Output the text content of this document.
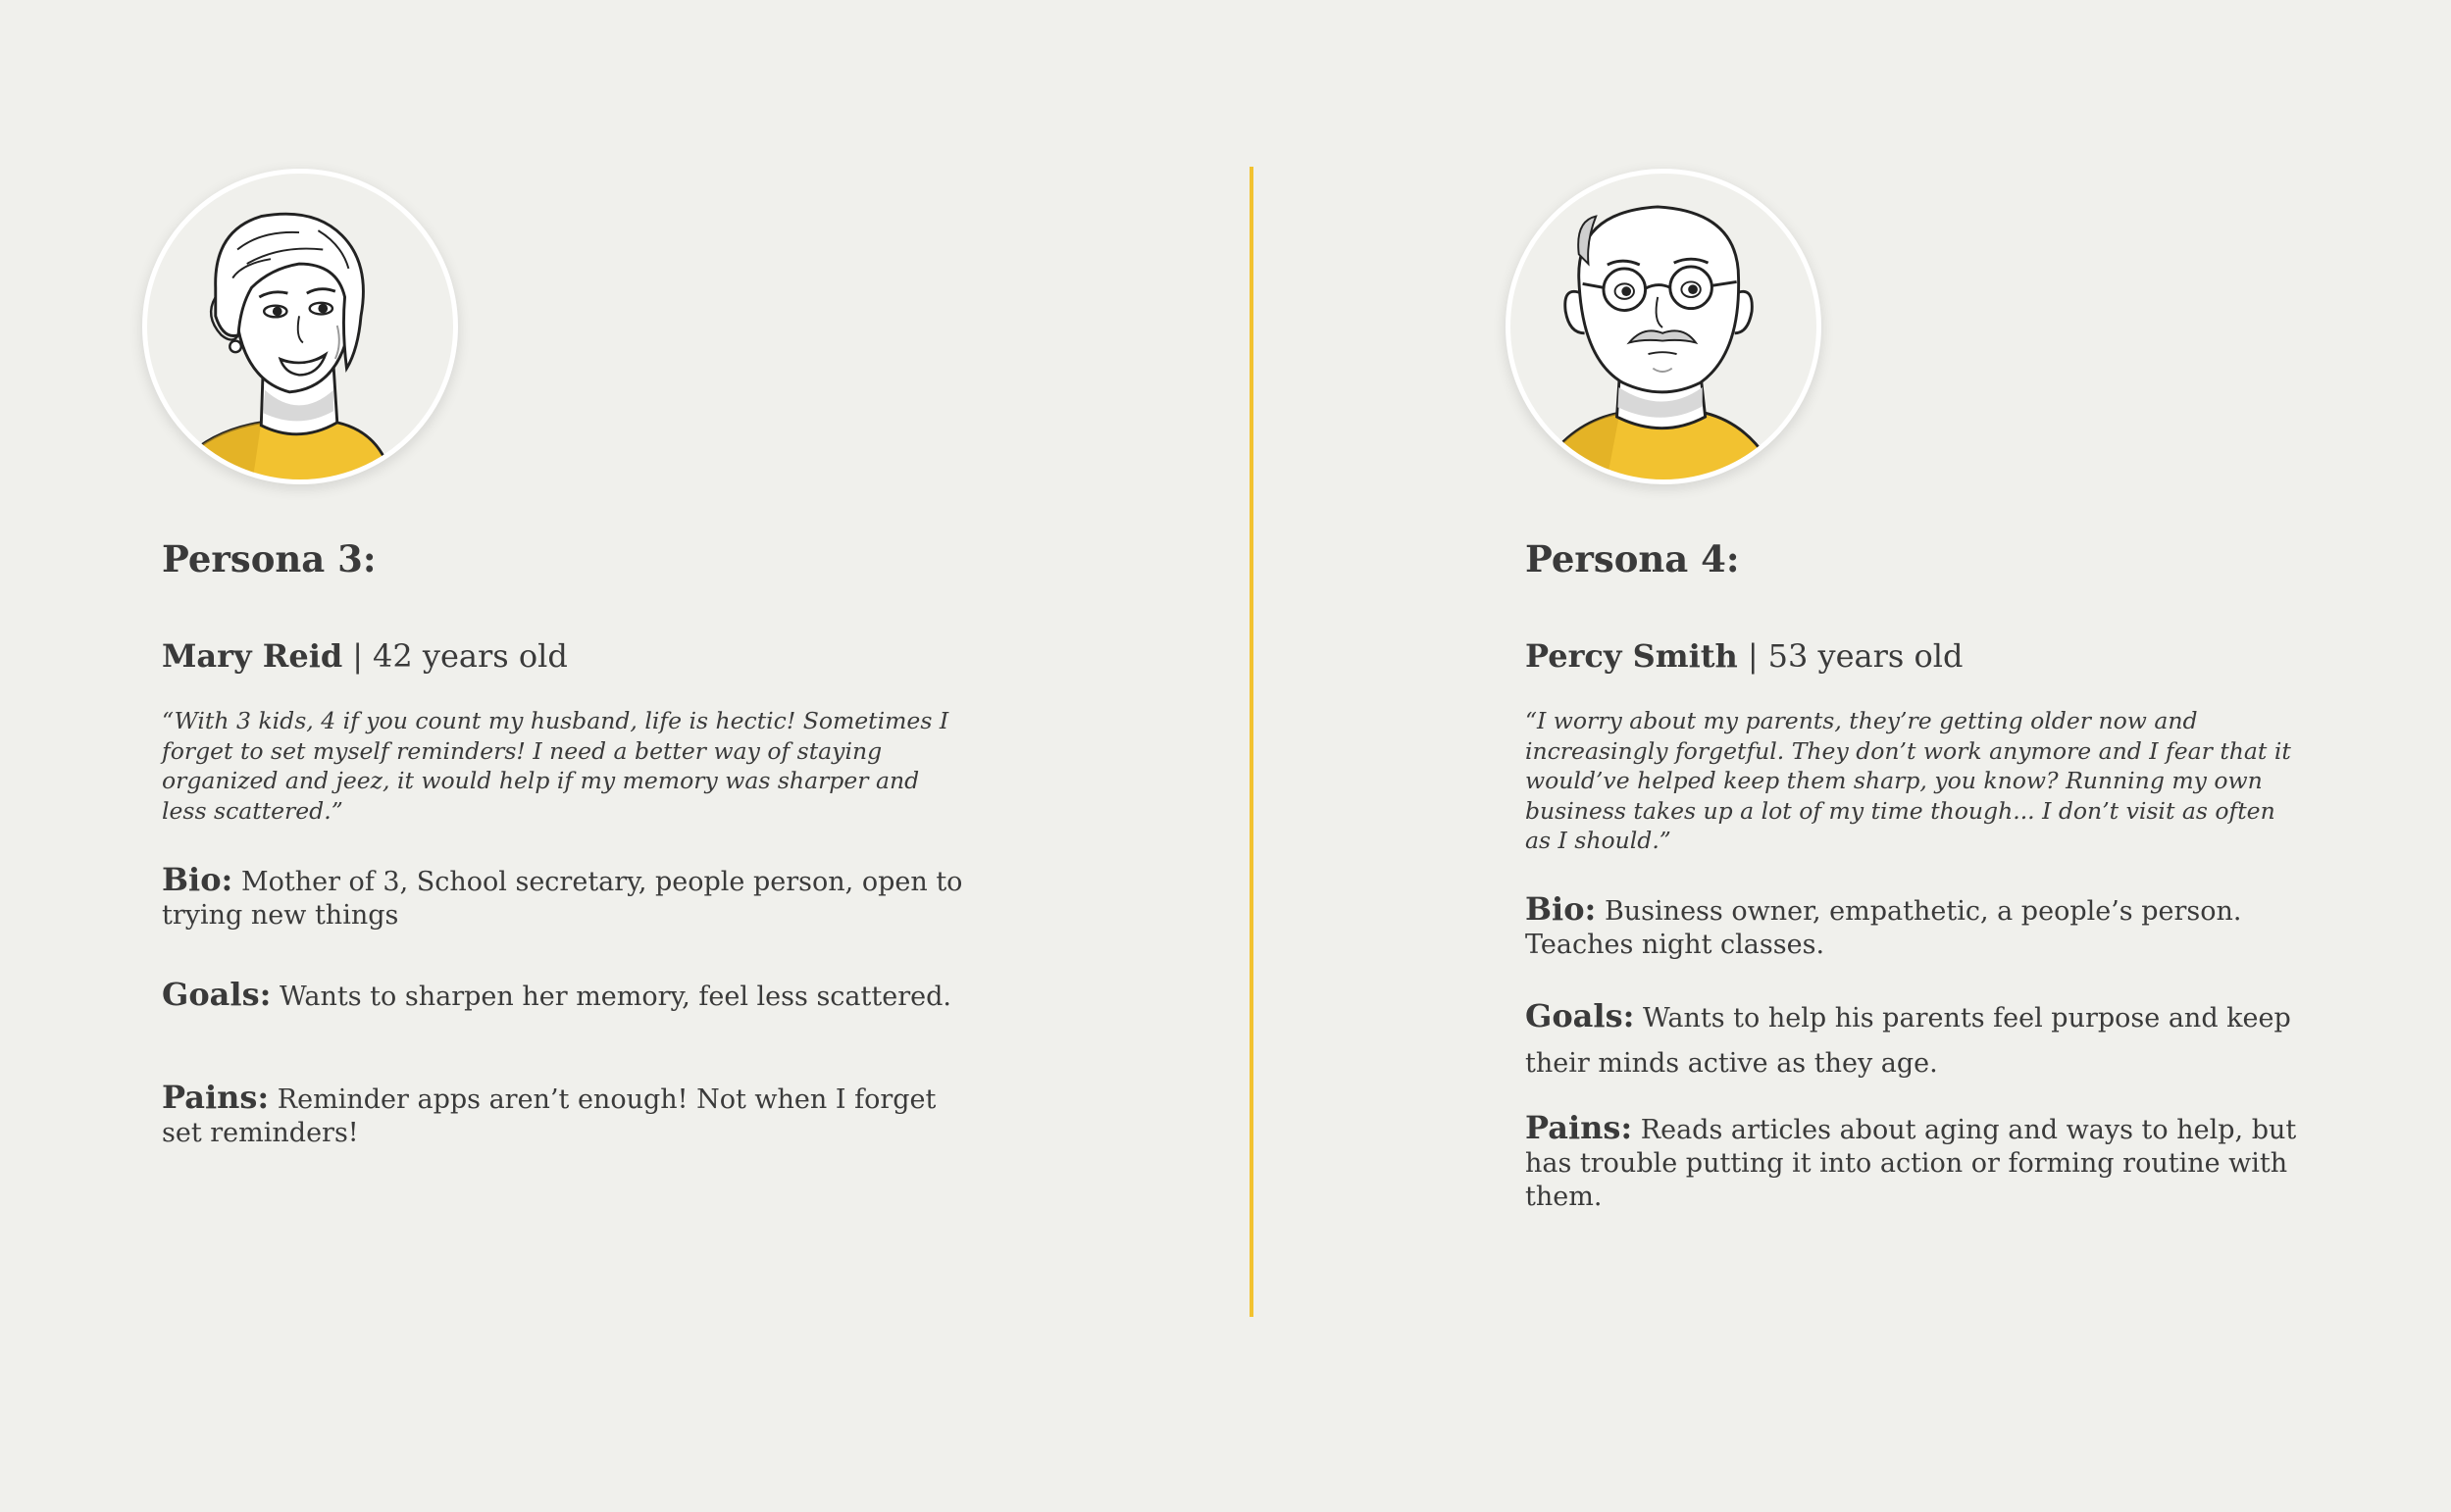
Persona 3:
Mary Reid | 42 years old

“With 3 kids, 4 if you count my husband, life is hectic! Sometimes I forget to set myself reminders! I need a better way of staying organized and jeez, it would help if my memory was sharper and less scattered.”

Bio: Mother of 3, School secretary, people person, open to trying new things

Goals: Wants to sharpen her memory, feel less scattered.

Pains: Reminder apps aren’t enough! Not when I forget set reminders!

Persona 4:
Percy Smith | 53 years old

“I worry about my parents, they’re getting older now and increasingly forgetful. They don’t work anymore and I fear that it would’ve helped keep them sharp, you know? Running my own business takes up a lot of my time though... I don’t visit as often as I should.”

Bio: Business owner, empathetic, a people’s person. Teaches night classes.

Goals: Wants to help his parents feel purpose and keep their minds active as they age.

Pains: Reads articles about aging and ways to help, but has trouble putting it into action or forming routine with them.
